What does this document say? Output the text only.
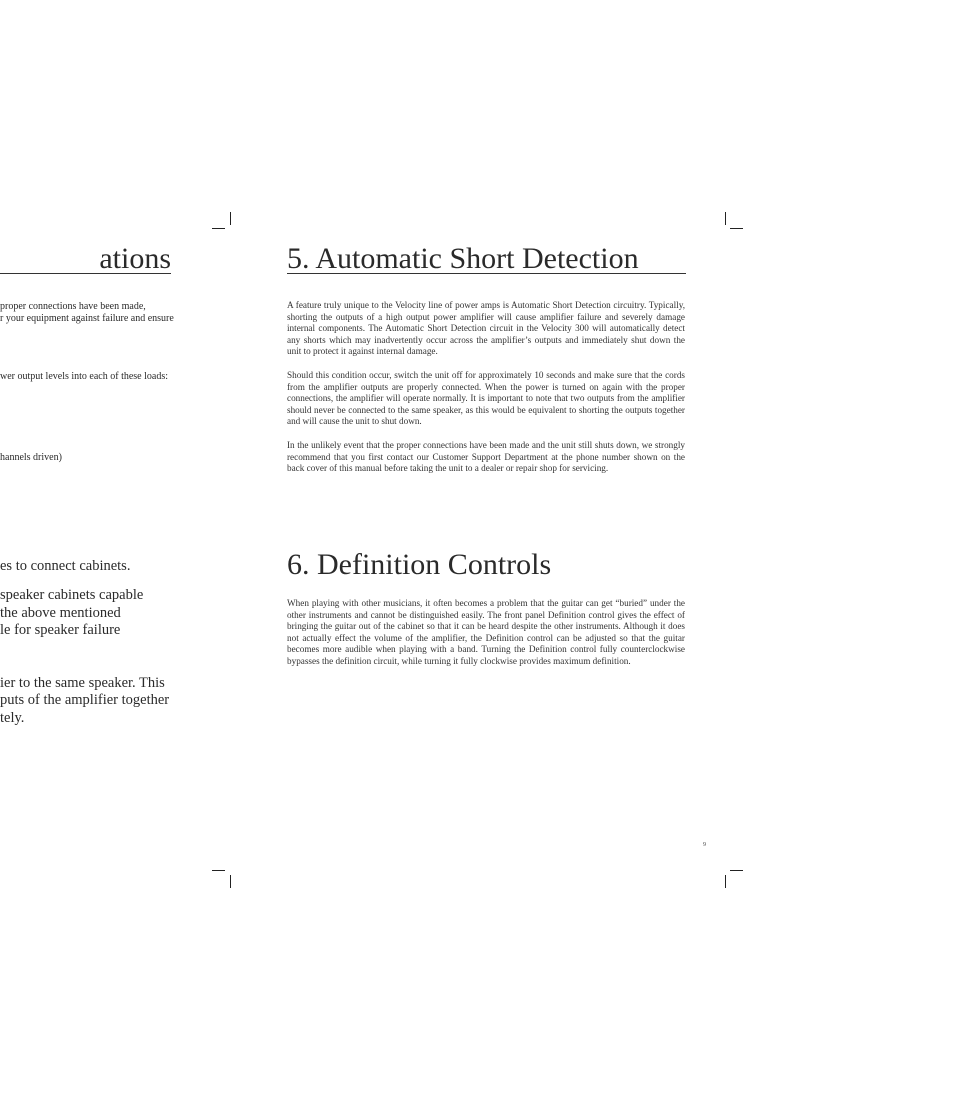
ations
proper connections have been made,
r your equipment against failure and ensure
wer output levels into each of these loads:
hannels driven)
es to connect cabinets.
speaker cabinets capable
the above mentioned
le for speaker failure
ier to the same speaker. This
puts of the amplifier together
tely.
5. Automatic Short Detection

A feature truly unique to the Velocity line of power amps is Automatic Short Detection circuitry. Typically, shorting the outputs of a high output power amplifier will cause amplifier failure and severely damage internal components. The Automatic Short Detection circuit in the Velocity 300 will automatically detect any shorts which may inadvertently occur across the amplifier’s outputs and immediately shut down the unit to protect it against internal damage.

Should this condition occur, switch the unit off for approximately 10 seconds and make sure that the cords from the amplifier outputs are properly connected. When the power is turned on again with the proper connections, the amplifier will operate normally. It is important to note that two outputs from the amplifier should never be connected to the same speaker, as this would be equivalent to shorting the outputs together and will cause the unit to shut down.

In the unlikely event that the proper connections have been made and the unit still shuts down, we strongly recommend that you first contact our Customer Support Department at the phone number shown on the back cover of this manual before taking the unit to a dealer or repair shop for servicing.

6. Definition Controls

When playing with other musicians, it often becomes a problem that the guitar can get “buried” under the other instruments and cannot be distinguished easily. The front panel Definition control gives the effect of bringing the guitar out of the cabinet so that it can be heard despite the other instruments. Although it does not actually effect the volume of the amplifier, the Definition control can be adjusted so that the guitar becomes more audible when playing with a band. Turning the Definition control fully counterclockwise bypasses the definition circuit, while turning it fully clockwise provides maximum definition.

9
